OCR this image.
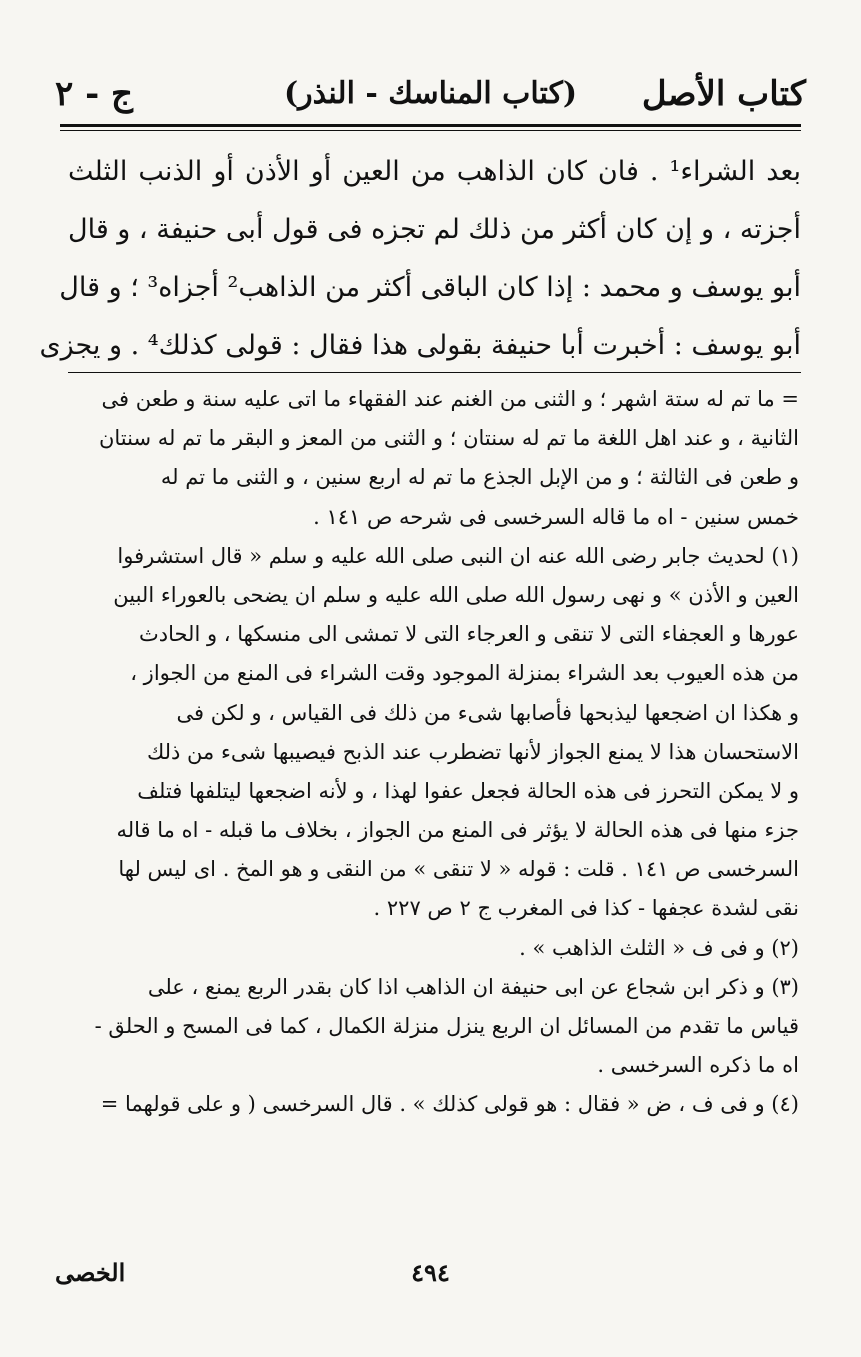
كتاب الأصل
(كتاب المناسك - النذر)
ج - ٢
بعد الشراء¹ . فان كان الذاهب من العين أو الأذن أو الذنب الثلث
أجزته ، و إن كان أكثر من ذلك لم تجزه فى قول أبى حنيفة ، و قال
أبو يوسف و محمد : إذا كان الباقى أكثر من الذاهب² أجزاه³ ؛ و قال
أبو يوسف : أخبرت أبا حنيفة بقولى هذا فقال : قولى كذلك⁴ . و يجزى
= ما تم له ستة اشهر ؛ و الثنى من الغنم عند الفقهاء ما اتى عليه سنة و طعن فى
الثانية ، و عند اهل اللغة ما تم له سنتان ؛ و الثنى من المعز و البقر ما تم له سنتان
و طعن فى الثالثة ؛ و من الإبل الجذع ما تم له اربع سنين ، و الثنى ما تم له
خمس سنين - اه ما قاله السرخسى فى شرحه ص ١٤١ .
(١) لحديث جابر رضى الله عنه ان النبى صلى الله عليه و سلم « قال استشرفوا
العين و الأذن » و نهى رسول الله صلى الله عليه و سلم ان يضحى بالعوراء البين
عورها و العجفاء التى لا تنقى و العرجاء التى لا تمشى الى منسكها ، و الحادث
من هذه العيوب بعد الشراء بمنزلة الموجود وقت الشراء فى المنع من الجواز ،
و هكذا ان اضجعها ليذبحها فأصابها شىء من ذلك فى القياس ، و لكن فى
الاستحسان هذا لا يمنع الجواز لأنها تضطرب عند الذبح فيصيبها شىء من ذلك
و لا يمكن التحرز فى هذه الحالة فجعل عفوا لهذا ، و لأنه اضجعها ليتلفها فتلف
جزء منها فى هذه الحالة لا يؤثر فى المنع من الجواز ، بخلاف ما قبله - اه ما قاله
السرخسى ص ١٤١ . قلت : قوله « لا تنقى » من النقى و هو المخ . اى ليس لها
نقى لشدة عجفها - كذا فى المغرب ج ٢ ص ٢٢٧ .
(٢) و فى ف « الثلث الذاهب » .
(٣) و ذكر ابن شجاع عن ابى حنيفة ان الذاهب اذا كان بقدر الربع يمنع ، على
قياس ما تقدم من المسائل ان الربع ينزل منزلة الكمال ، كما فى المسح و الحلق -
اه ما ذكره السرخسى .
(٤) و فى ف ، ض « فقال : هو قولى كذلك » . قال السرخسى ( و على قولهما =
٤٩٤
الخصى
